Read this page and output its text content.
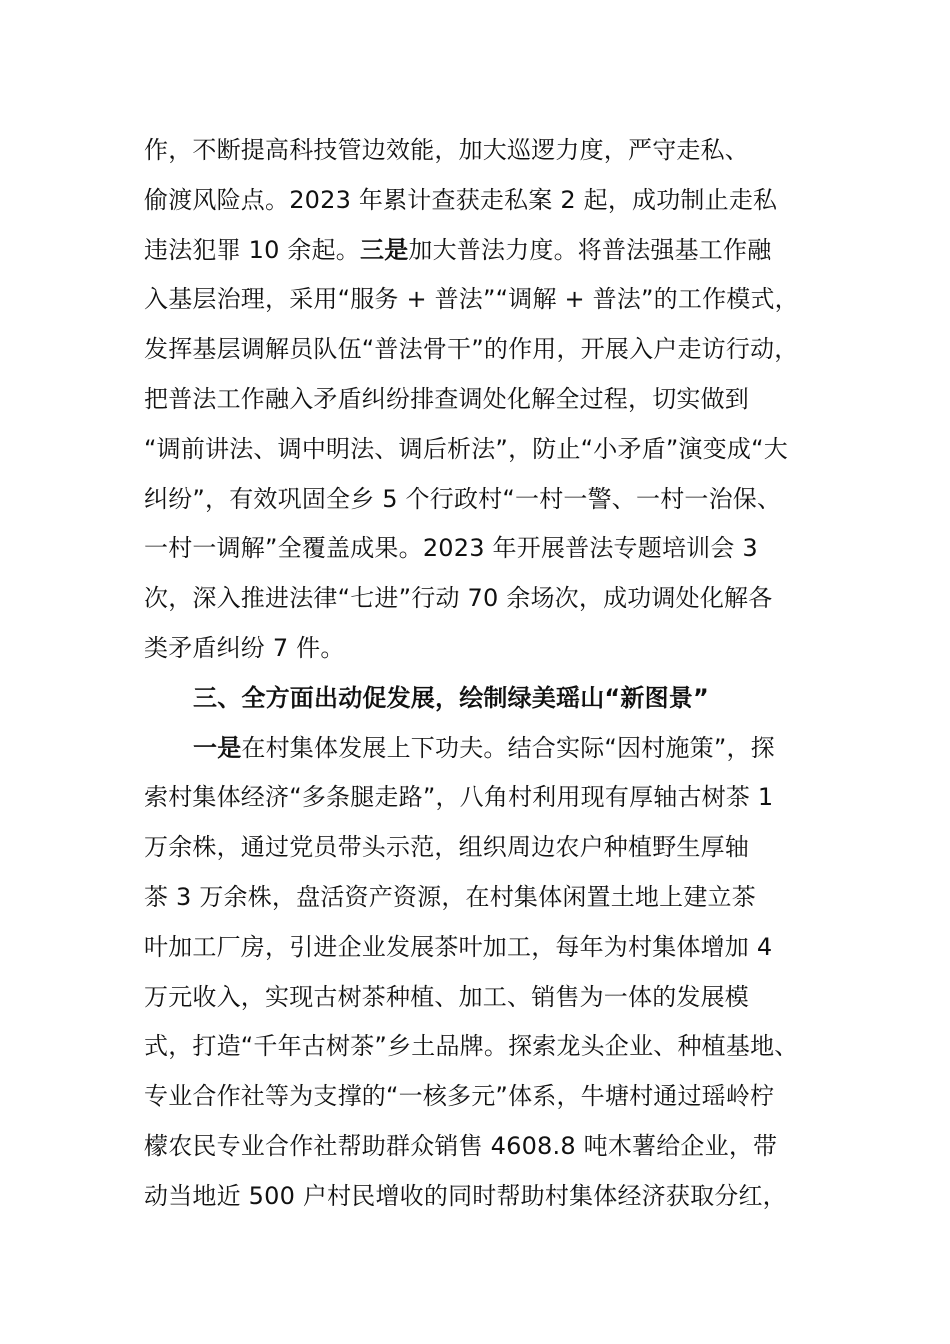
作，不断提高科技管边效能，加大巡逻力度，严守走私、
偷渡风险点。2023 年累计查获走私案 2 起，成功制止走私
违法犯罪 10 余起。三是加大普法力度。将普法强基工作融
入基层治理，采用“服务 + 普法”“调解 + 普法”的工作模式，
发挥基层调解员队伍“普法骨干”的作用，开展入户走访行动，
把普法工作融入矛盾纠纷排查调处化解全过程，切实做到
“调前讲法、调中明法、调后析法”，防止“小矛盾”演变成“大
纠纷”，有效巩固全乡 5 个行政村“一村一警、一村一治保、
一村一调解”全覆盖成果。2023 年开展普法专题培训会 3
次，深入推进法律“七进”行动 70 余场次，成功调处化解各
类矛盾纠纷 7 件。
三、全方面出动促发展，绘制绿美瑶山“新图景”
一是在村集体发展上下功夫。结合实际“因村施策”，探
索村集体经济“多条腿走路”，八角村利用现有厚轴古树茶 1
万余株，通过党员带头示范，组织周边农户种植野生厚轴
茶 3 万余株，盘活资产资源，在村集体闲置土地上建立茶
叶加工厂房，引进企业发展茶叶加工，每年为村集体增加 4
万元收入，实现古树茶种植、加工、销售为一体的发展模
式，打造“千年古树茶”乡土品牌。探索龙头企业、种植基地、
专业合作社等为支撑的“一核多元”体系，牛塘村通过瑶岭柠
檬农民专业合作社帮助群众销售 4608.8 吨木薯给企业，带
动当地近 500 户村民增收的同时帮助村集体经济获取分红，
